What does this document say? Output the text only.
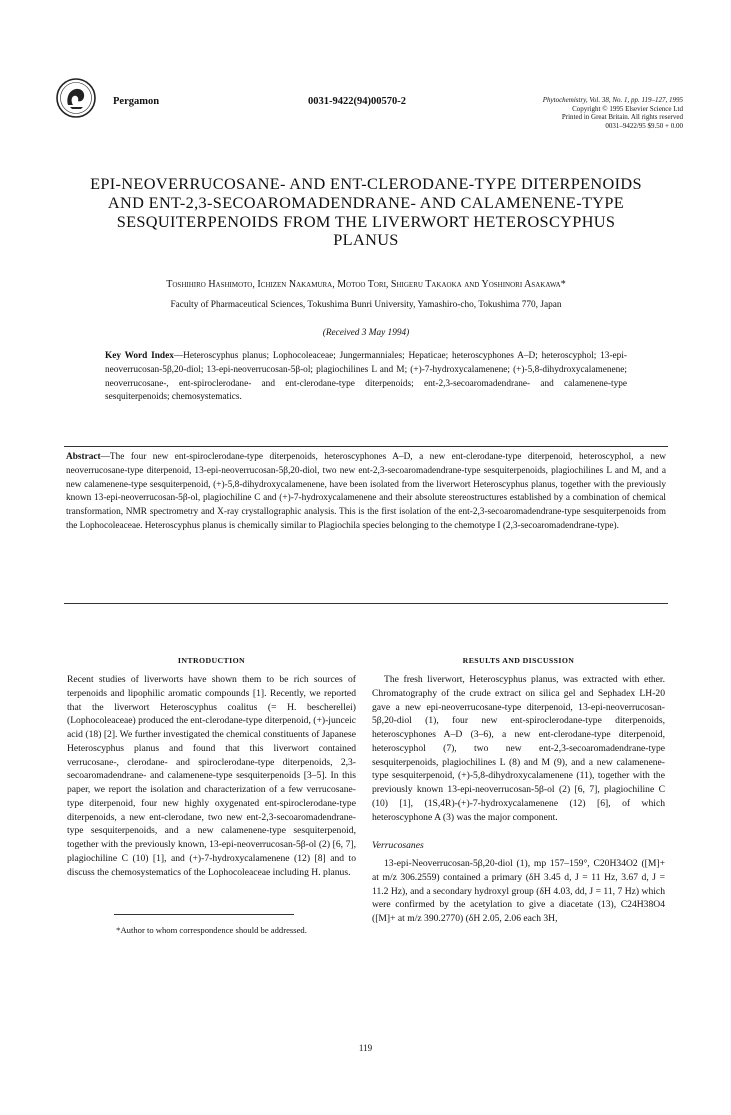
Pergamon	0031-9422(94)00570-2	Phytochemistry, Vol. 38, No. 1, pp. 119–127, 1995
Copyright © 1995 Elsevier Science Ltd
Printed in Great Britain. All rights reserved
0031–9422/95 $9.50 + 0.00
EPI-NEOVERRUCOSANE- AND ENT-CLERODANE-TYPE DITERPENOIDS
AND ENT-2,3-SECOAROMADENDRANE- AND CALAMENENE-TYPE
SESQUITERPENOIDS FROM THE LIVERWORT HETEROSCYPHUS
PLANUS
Toshihiro Hashimoto, Ichizen Nakamura, Motoo Tori, Shigeru Takaoka and Yoshinori Asakawa*
Faculty of Pharmaceutical Sciences, Tokushima Bunri University, Yamashiro-cho, Tokushima 770, Japan
(Received 3 May 1994)
Key Word Index—Heteroscyphus planus; Lophocoleaceae; Jungermanniales; Hepaticae; heteroscyphones A–D; heteroscyphol; 13-epi-neoverrucosan-5β,20-diol; 13-epi-neoverrucosan-5β-ol; plagiochilines L and M; (+)-7-hydroxycalamenene; (+)-5,8-dihydroxycalamenene; neoverrucosane-, ent-spiroclerodane- and ent-clerodane-type diterpenoids; ent-2,3-secoaromadendrane- and calamenene-type sesquiterpenoids; chemosystematics.

Abstract—The four new ent-spiroclerodane-type diterpenoids, heteroscyphones A–D, a new ent-clerodane-type diterpenoid, heteroscyphol, a new neoverrucosane-type diterpenoid, 13-epi-neoverrucosan-5β,20-diol, two new ent-2,3-secoaromadendrane-type sesquiterpenoids, plagiochilines L and M, and a new calamenene-type sesquiterpenoid, (+)-5,8-dihydroxycalamenene, have been isolated from the liverwort Heteroscyphus planus, together with the previously known 13-epi-neoverrucosan-5β-ol, plagiochiline C and (+)-7-hydroxycalamenene and their absolute stereostructures established by a combination of chemical transformation, NMR spectrometry and X-ray crystallographic analysis. This is the first isolation of the ent-2,3-secoaromadendrane-type sesquiterpenoids from the Lophocoleaceae. Heteroscyphus planus is chemically similar to Plagiochila species belonging to the chemotype I (2,3-secoaromadendrane-type).

INTRODUCTION

Recent studies of liverworts have shown them to be rich sources of terpenoids and lipophilic aromatic compounds [1]. Recently, we reported that the liverwort Heteroscyphus coalitus (= H. bescherellei) (Lophocoleaceae) produced the ent-clerodane-type diterpenoid, (+)-junceic acid (18) [2]. We further investigated the chemical constituents of Japanese Heteroscyphus planus and found that this liverwort contained verrucosane-, clerodane- and spiroclerodane-type diterpenoids, 2,3-secoaromadendrane- and calamenene-type sesquiterpenoids [3–5]. In this paper, we report the isolation and characterization of a few verrucosane-type diterpenoid, four new highly oxygenated ent-spiroclerodane-type diterpenoids, a new ent-clerodane, two new ent-2,3-secoaromadendrane-type sesquiterpenoids, and a new calamenene-type sesquiterpenoid, together with the previously known, 13-epi-neoverrucosan-5β-ol (2) [6, 7], plagiochiline C (10) [1], and (+)-7-hydroxycalamenene (12) [8] and to discuss the chemosystematics of the Lophocoleaceae including H. planus.

*Author to whom correspondence should be addressed.
RESULTS AND DISCUSSION

The fresh liverwort, Heteroscyphus planus, was extracted with ether. Chromatography of the crude extract on silica gel and Sephadex LH-20 gave a new epi-neoverrucosane-type diterpenoid, 13-epi-neoverrucosan-5β,20-diol (1), four new ent-spiroclerodane-type diterpenoids, heteroscyphones A–D (3–6), a new ent-clerodane-type diterpenoid, heteroscyphol (7), two new ent-2,3-secoaromadendrane-type sesquiterpenoids, plagiochilines L (8) and M (9), and a new calamenene-type sesquiterpenoid, (+)-5,8-dihydroxycalamenene (11), together with the previously known 13-epi-neoverrucosan-5β-ol (2) [6, 7], plagiochiline C (10) [1], (1S,4R)-(+)-7-hydroxycalamenene (12) [6], of which heteroscyphone A (3) was the major component.

Verrucosanes

13-epi-Neoverrucosan-5β,20-diol (1), mp 157–159°, C20H34O2 ([M]+ at m/z 306.2559) contained a primary (δH 3.45 d, J = 11 Hz, 3.67 d, J = 11.2 Hz), and a secondary hydroxyl group (δH 4.03, dd, J = 11, 7 Hz) which were confirmed by the acetylation to give a diacetate (13), C24H38O4 ([M]+ at m/z 390.2770) (δH 2.05, 2.06 each 3H,

119
